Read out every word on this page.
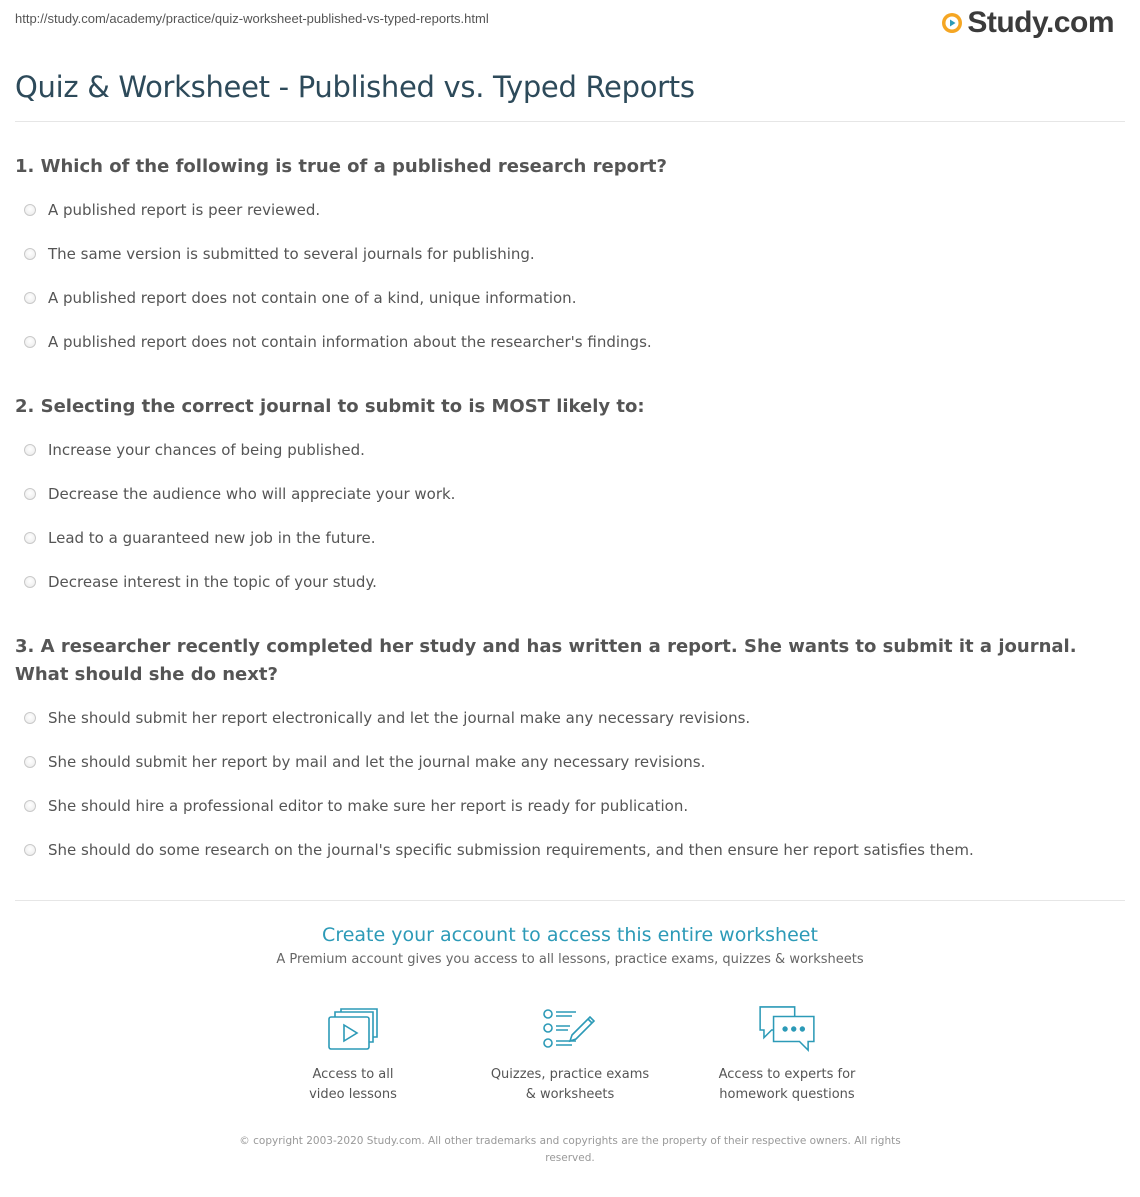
http://study.com/academy/practice/quiz-worksheet-published-vs-typed-reports.html	Study.com
Quiz & Worksheet - Published vs. Typed Reports

1. Which of the following is true of a published research report?

A published report is peer reviewed.
The same version is submitted to several journals for publishing.
A published report does not contain one of a kind, unique information.
A published report does not contain information about the researcher's findings.

2. Selecting the correct journal to submit to is MOST likely to:

Increase your chances of being published.
Decrease the audience who will appreciate your work.
Lead to a guaranteed new job in the future.
Decrease interest in the topic of your study.

3. A researcher recently completed her study and has written a report. She wants to submit it a journal. What should she do next?

She should submit her report electronically and let the journal make any necessary revisions.
She should submit her report by mail and let the journal make any necessary revisions.
She should hire a professional editor to make sure her report is ready for publication.
She should do some research on the journal's specific submission requirements, and then ensure her report satisfies them.

Create your account to access this entire worksheet

A Premium account gives you access to all lessons, practice exams, quizzes & worksheets
Access to all
video lessons
Quizzes, practice exams
& worksheets
Access to experts for
homework questions
© copyright 2003-2020 Study.com. All other trademarks and copyrights are the property of their respective owners. All rights reserved.
